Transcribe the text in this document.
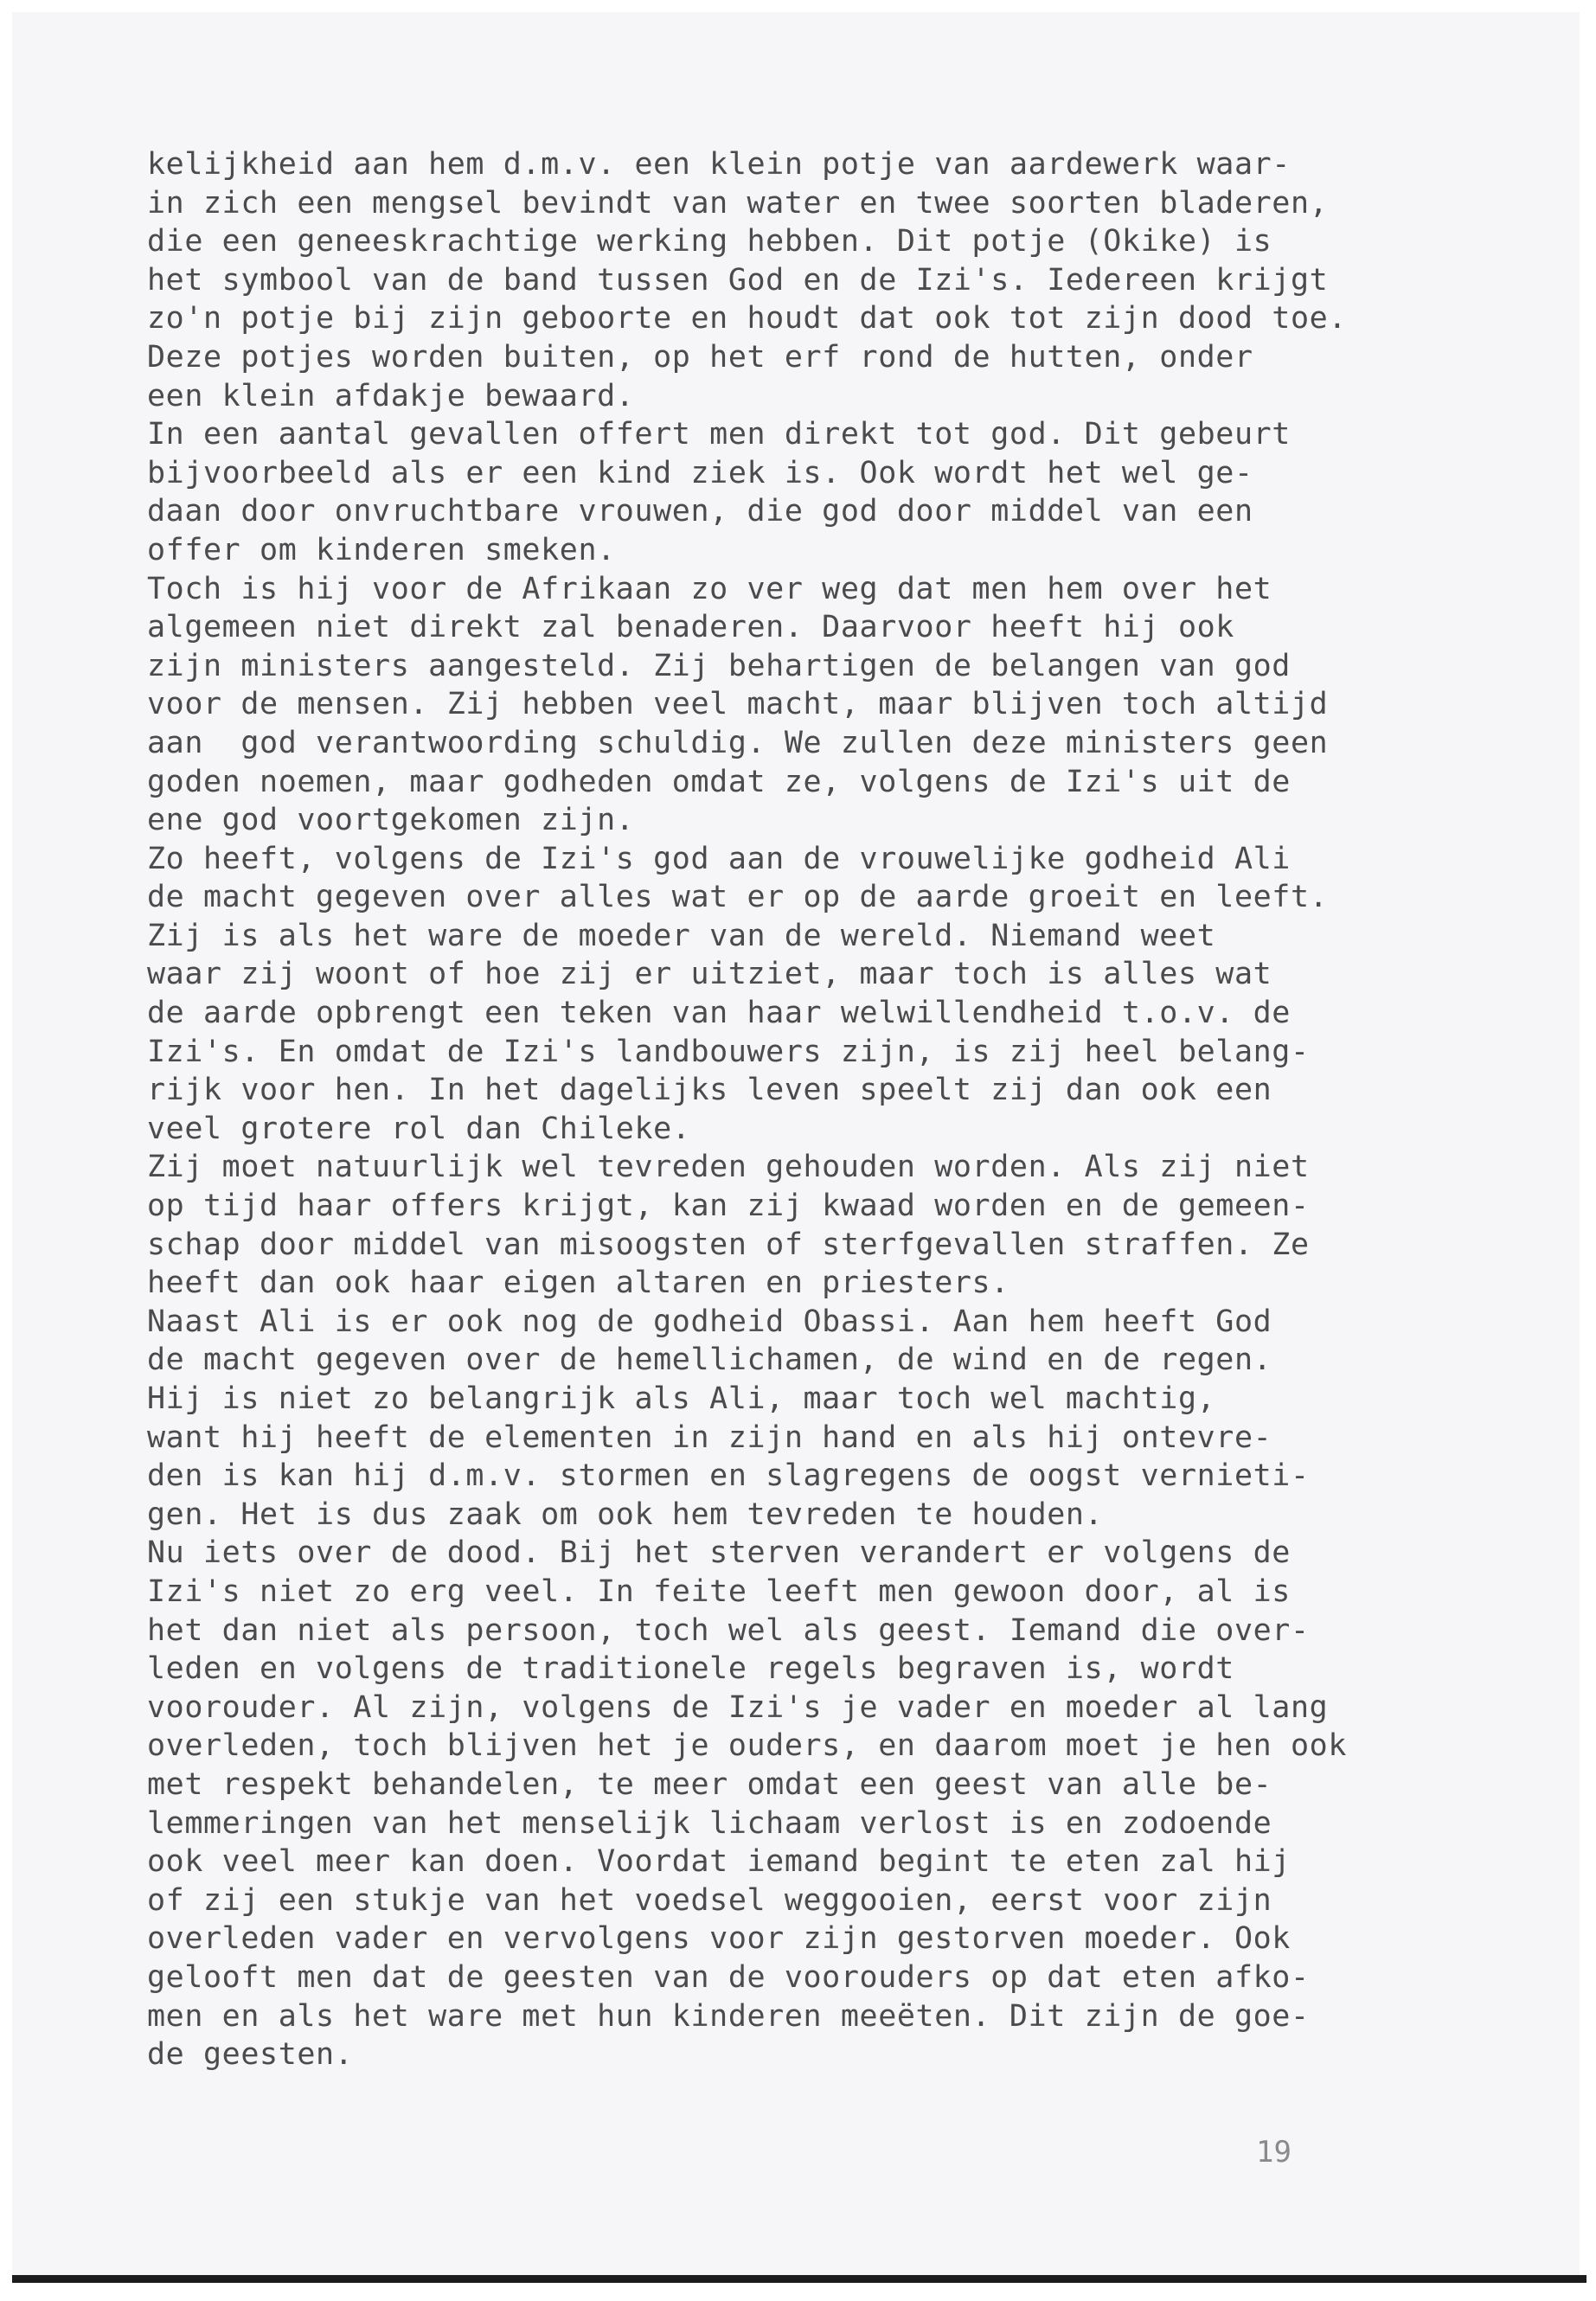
kelijkheid aan hem d.m.v. een klein potje van aardewerk waar-
in zich een mengsel bevindt van water en twee soorten bladeren,
die een geneeskrachtige werking hebben. Dit potje (Okike) is
het symbool van de band tussen God en de Izi's. Iedereen krijgt
zo'n potje bij zijn geboorte en houdt dat ook tot zijn dood toe.
Deze potjes worden buiten, op het erf rond de hutten, onder
een klein afdakje bewaard.
In een aantal gevallen offert men direkt tot god. Dit gebeurt
bijvoorbeeld als er een kind ziek is. Ook wordt het wel ge-
daan door onvruchtbare vrouwen, die god door middel van een
offer om kinderen smeken.
Toch is hij voor de Afrikaan zo ver weg dat men hem over het
algemeen niet direkt zal benaderen. Daarvoor heeft hij ook
zijn ministers aangesteld. Zij behartigen de belangen van god
voor de mensen. Zij hebben veel macht, maar blijven toch altijd
aan  god verantwoording schuldig. We zullen deze ministers geen
goden noemen, maar godheden omdat ze, volgens de Izi's uit de
ene god voortgekomen zijn.
Zo heeft, volgens de Izi's god aan de vrouwelijke godheid Ali
de macht gegeven over alles wat er op de aarde groeit en leeft.
Zij is als het ware de moeder van de wereld. Niemand weet
waar zij woont of hoe zij er uitziet, maar toch is alles wat
de aarde opbrengt een teken van haar welwillendheid t.o.v. de
Izi's. En omdat de Izi's landbouwers zijn, is zij heel belang-
rijk voor hen. In het dagelijks leven speelt zij dan ook een
veel grotere rol dan Chileke.
Zij moet natuurlijk wel tevreden gehouden worden. Als zij niet
op tijd haar offers krijgt, kan zij kwaad worden en de gemeen-
schap door middel van misoogsten of sterfgevallen straffen. Ze
heeft dan ook haar eigen altaren en priesters.
Naast Ali is er ook nog de godheid Obassi. Aan hem heeft God
de macht gegeven over de hemellichamen, de wind en de regen.
Hij is niet zo belangrijk als Ali, maar toch wel machtig,
want hij heeft de elementen in zijn hand en als hij ontevre-
den is kan hij d.m.v. stormen en slagregens de oogst vernieti-
gen. Het is dus zaak om ook hem tevreden te houden.
Nu iets over de dood. Bij het sterven verandert er volgens de
Izi's niet zo erg veel. In feite leeft men gewoon door, al is
het dan niet als persoon, toch wel als geest. Iemand die over-
leden en volgens de traditionele regels begraven is, wordt
voorouder. Al zijn, volgens de Izi's je vader en moeder al lang
overleden, toch blijven het je ouders, en daarom moet je hen ook
met respekt behandelen, te meer omdat een geest van alle be-
lemmeringen van het menselijk lichaam verlost is en zodoende
ook veel meer kan doen. Voordat iemand begint te eten zal hij
of zij een stukje van het voedsel weggooien, eerst voor zijn
overleden vader en vervolgens voor zijn gestorven moeder. Ook
gelooft men dat de geesten van de voorouders op dat eten afko-
men en als het ware met hun kinderen meeëten. Dit zijn de goe-
de geesten.
19
